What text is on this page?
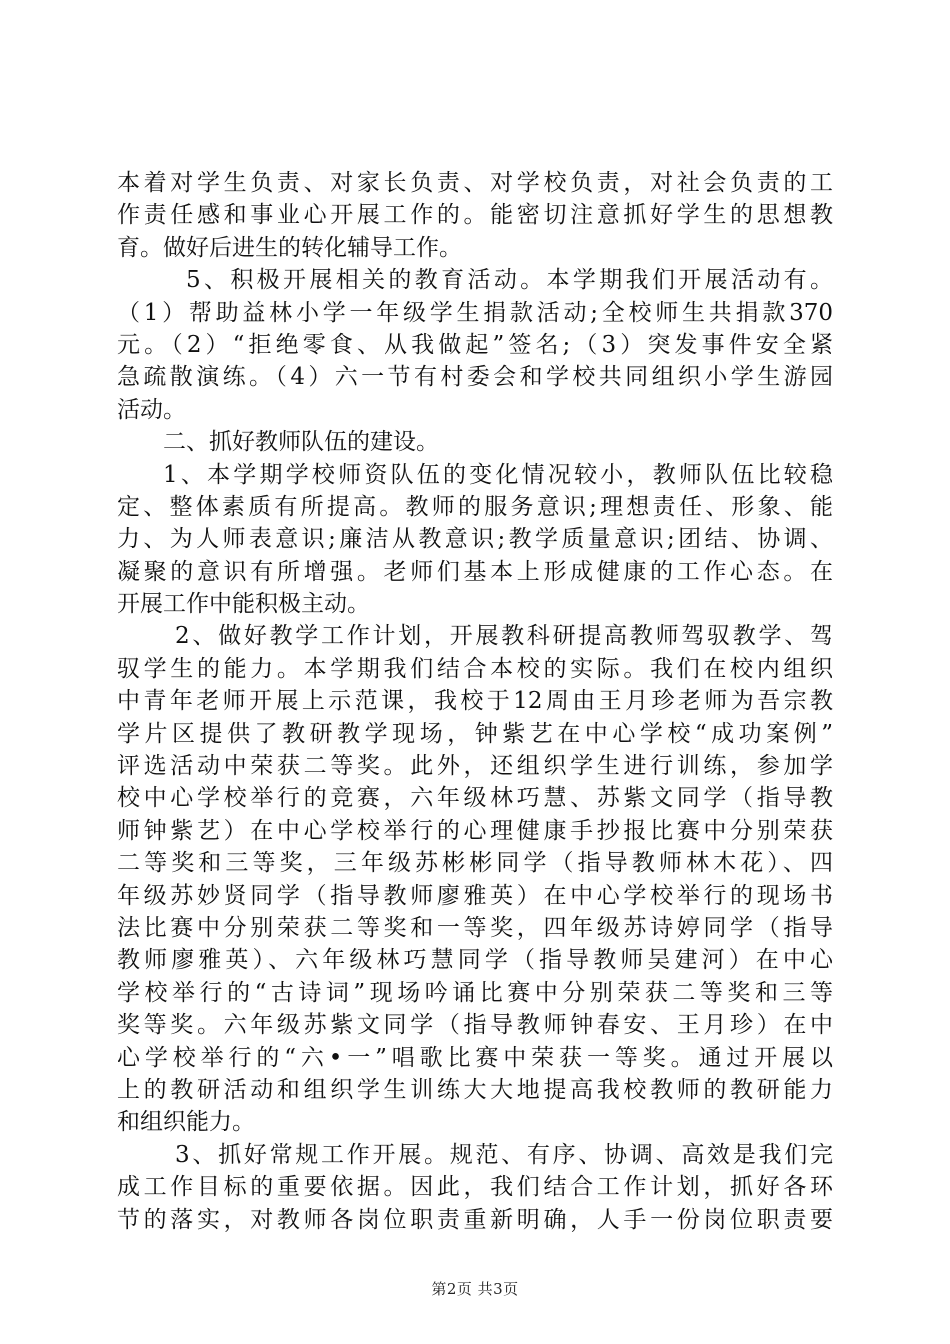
本着对学生负责、对家长负责、对学校负责，对社会负责的工
作责任感和事业心开展工作的。能密切注意抓好学生的思想教
育。做好后进生的转化辅导工作。
5、积极开展相关的教育活动。本学期我们开展活动有。
（1）帮助益林小学一年级学生捐款活动;全校师生共捐款370
元。（2）“拒绝零食、从我做起”签名;（3）突发事件安全紧
急疏散演练。（4）六一节有村委会和学校共同组织小学生游园
活动。
二、抓好教师队伍的建设。
1、本学期学校师资队伍的变化情况较小，教师队伍比较稳
定、整体素质有所提高。教师的服务意识;理想责任、形象、能
力、为人师表意识;廉洁从教意识;教学质量意识;团结、协调、
凝聚的意识有所增强。老师们基本上形成健康的工作心态。在
开展工作中能积极主动。
2、做好教学工作计划，开展教科研提高教师驾驭教学、驾
驭学生的能力。本学期我们结合本校的实际。我们在校内组织
中青年老师开展上示范课，我校于12周由王月珍老师为吾宗教
学片区提供了教研教学现场，钟紫艺在中心学校“成功案例”
评选活动中荣获二等奖。此外，还组织学生进行训练，参加学
校中心学校举行的竞赛，六年级林巧慧、苏紫文同学（指导教
师钟紫艺）在中心学校举行的心理健康手抄报比赛中分别荣获
二等奖和三等奖，三年级苏彬彬同学（指导教师林木花）、四
年级苏妙贤同学（指导教师廖雅英）在中心学校举行的现场书
法比赛中分别荣获二等奖和一等奖，四年级苏诗婷同学（指导
教师廖雅英）、六年级林巧慧同学（指导教师吴建河）在中心
学校举行的“古诗词”现场吟诵比赛中分别荣获二等奖和三等
奖等奖。六年级苏紫文同学（指导教师钟春安、王月珍）在中
心学校举行的“六•一”唱歌比赛中荣获一等奖。通过开展以
上的教研活动和组织学生训练大大地提高我校教师的教研能力
和组织能力。
3、抓好常规工作开展。规范、有序、协调、高效是我们完
成工作目标的重要依据。因此，我们结合工作计划，抓好各环
节的落实，对教师各岗位职责重新明确，人手一份岗位职责要
第2页 共3页
